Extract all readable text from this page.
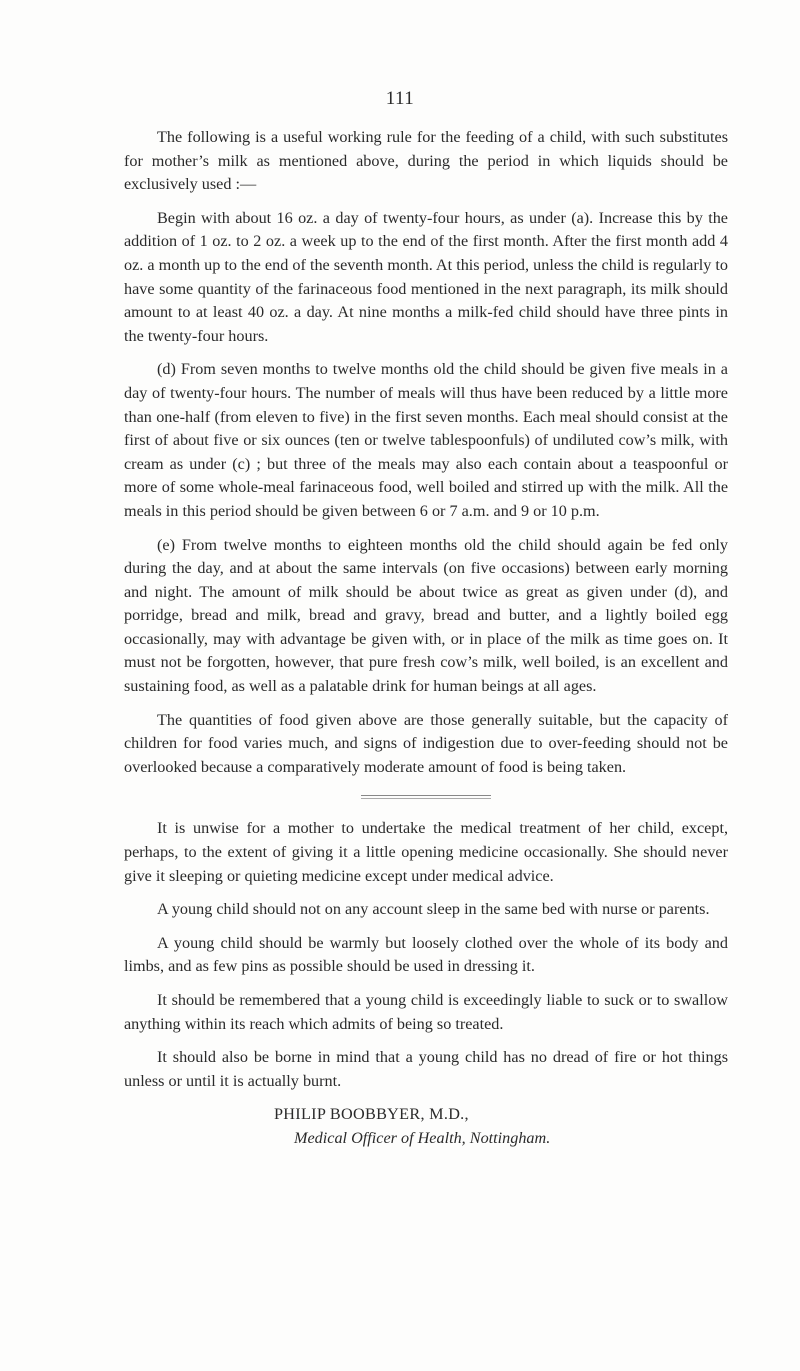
111

The following is a useful working rule for the feeding of a child, with such substitutes for mother’s milk as mentioned above, during the period in which liquids should be exclusively used :—

Begin with about 16 oz. a day of twenty-four hours, as under (a). Increase this by the addition of 1 oz. to 2 oz. a week up to the end of the first month. After the first month add 4 oz. a month up to the end of the seventh month. At this period, unless the child is regularly to have some quantity of the farinaceous food mentioned in the next paragraph, its milk should amount to at least 40 oz. a day. At nine months a milk-fed child should have three pints in the twenty-four hours.

(d) From seven months to twelve months old the child should be given five meals in a day of twenty-four hours. The number of meals will thus have been reduced by a little more than one-half (from eleven to five) in the first seven months. Each meal should consist at the first of about five or six ounces (ten or twelve tablespoonfuls) of undiluted cow’s milk, with cream as under (c) ; but three of the meals may also each contain about a teaspoonful or more of some whole-meal farinaceous food, well boiled and stirred up with the milk. All the meals in this period should be given between 6 or 7 a.m. and 9 or 10 p.m.

(e) From twelve months to eighteen months old the child should again be fed only during the day, and at about the same intervals (on five occasions) between early morning and night. The amount of milk should be about twice as great as given under (d), and porridge, bread and milk, bread and gravy, bread and butter, and a lightly boiled egg occasionally, may with advantage be given with, or in place of the milk as time goes on. It must not be forgotten, however, that pure fresh cow’s milk, well boiled, is an excellent and sustaining food, as well as a palatable drink for human beings at all ages.

The quantities of food given above are those generally suitable, but the capacity of children for food varies much, and signs of indigestion due to over-feeding should not be overlooked because a comparatively moderate amount of food is being taken.

It is unwise for a mother to undertake the medical treatment of her child, except, perhaps, to the extent of giving it a little opening medicine occasionally. She should never give it sleeping or quieting medicine except under medical advice.

A young child should not on any account sleep in the same bed with nurse or parents.

A young child should be warmly but loosely clothed over the whole of its body and limbs, and as few pins as possible should be used in dressing it.

It should be remembered that a young child is exceedingly liable to suck or to swallow anything within its reach which admits of being so treated.

It should also be borne in mind that a young child has no dread of fire or hot things unless or until it is actually burnt.

PHILIP BOOBBYER, M.D.,
Medical Officer of Health, Nottingham.
